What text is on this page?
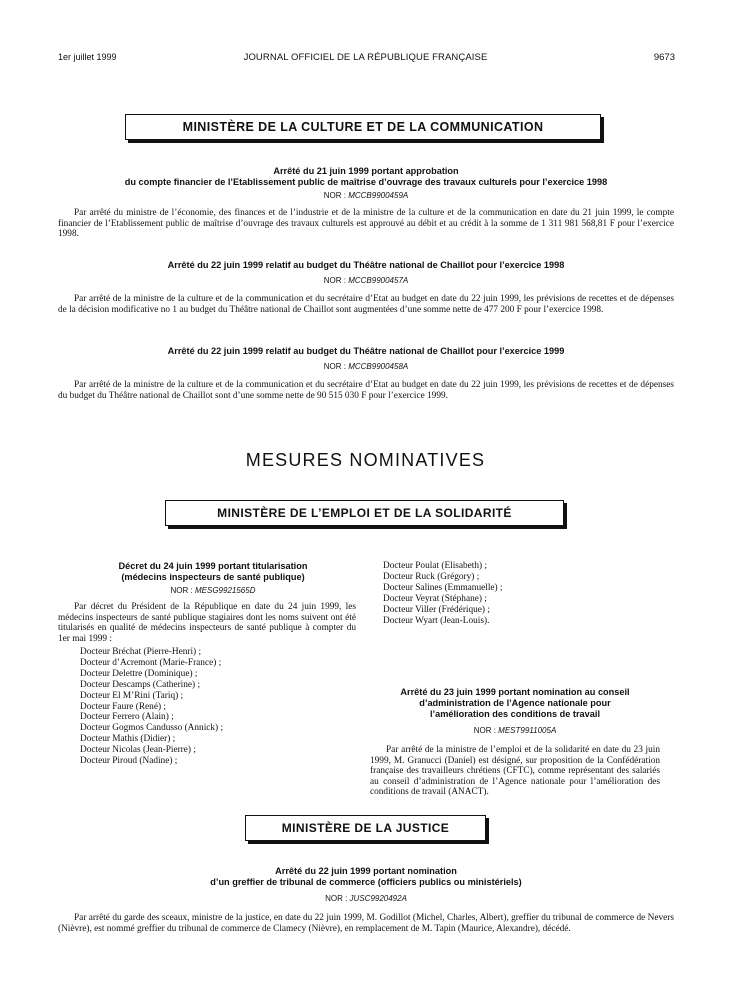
1er juillet 1999	JOURNAL OFFICIEL DE LA RÉPUBLIQUE FRANÇAISE	9673
MINISTÈRE DE LA CULTURE ET DE LA COMMUNICATION
Arrêté du 21 juin 1999 portant approbation
du compte financier de l’Etablissement public de maîtrise d’ouvrage des travaux culturels pour l’exercice 1998
NOR : MCCB9900459A
Par arrêté du ministre de l’économie, des finances et de l’industrie et de la ministre de la culture et de la communication en date du 21 juin 1999, le compte financier de l’Etablissement public de maîtrise d’ouvrage des travaux culturels est approuvé au débit et au crédit à la somme de 1 311 981 568,81 F pour l’exercice 1998.
Arrêté du 22 juin 1999 relatif au budget du Théâtre national de Chaillot pour l’exercice 1998
NOR : MCCB9900457A
Par arrêté de la ministre de la culture et de la communication et du secrétaire d’Etat au budget en date du 22 juin 1999, les prévisions de recettes et de dépenses de la décision modificative no 1 au budget du Théâtre national de Chaillot sont augmentées d’une somme nette de 477 200 F pour l’exercice 1998.
Arrêté du 22 juin 1999 relatif au budget du Théâtre national de Chaillot pour l’exercice 1999
NOR : MCCB9900458A
Par arrêté de la ministre de la culture et de la communication et du secrétaire d’Etat au budget en date du 22 juin 1999, les prévisions de recettes et de dépenses du budget du Théâtre national de Chaillot sont d’une somme nette de 90 515 030 F pour l’exercice 1999.
MESURES NOMINATIVES
MINISTÈRE DE L’EMPLOI ET DE LA SOLIDARITÉ
Décret du 24 juin 1999 portant titularisation
(médecins inspecteurs de santé publique)
NOR : MESG9921565D
Par décret du Président de la République en date du 24 juin 1999, les médecins inspecteurs de santé publique stagiaires dont les noms suivent ont été titularisés en qualité de médecins inspecteurs de santé publique à compter du 1er mai 1999 :
Docteur Bréchat (Pierre-Henri) ;
Docteur d’Acremont (Marie-France) ;
Docteur Delettre (Dominique) ;
Docteur Descamps (Catherine) ;
Docteur El M’Rini (Tariq) ;
Docteur Faure (René) ;
Docteur Ferrero (Alain) ;
Docteur Gogmos Candusso (Annick) ;
Docteur Mathis (Didier) ;
Docteur Nicolas (Jean-Pierre) ;
Docteur Piroud (Nadine) ;
Docteur Poulat (Elisabeth) ;
Docteur Ruck (Grégory) ;
Docteur Salines (Emmanuelle) ;
Docteur Veyrat (Stéphane) ;
Docteur Viller (Frédérique) ;
Docteur Wyart (Jean-Louis).
Arrêté du 23 juin 1999 portant nomination au conseil
d’administration de l’Agence nationale pour
l’amélioration des conditions de travail
NOR : MEST9911005A
Par arrêté de la ministre de l’emploi et de la solidarité en date du 23 juin 1999, M. Granucci (Daniel) est désigné, sur proposition de la Confédération française des travailleurs chrétiens (CFTC), comme représentant des salariés au conseil d’administration de l’Agence nationale pour l’amélioration des conditions de travail (ANACT).
MINISTÈRE DE LA JUSTICE
Arrêté du 22 juin 1999 portant nomination
d’un greffier de tribunal de commerce (officiers publics ou ministériels)
NOR : JUSC9920492A
Par arrêté du garde des sceaux, ministre de la justice, en date du 22 juin 1999, M. Godillot (Michel, Charles, Albert), greffier du tribunal de commerce de Nevers (Nièvre), est nommé greffier du tribunal de commerce de Clamecy (Nièvre), en remplacement de M. Tapin (Maurice, Alexandre), décédé.
